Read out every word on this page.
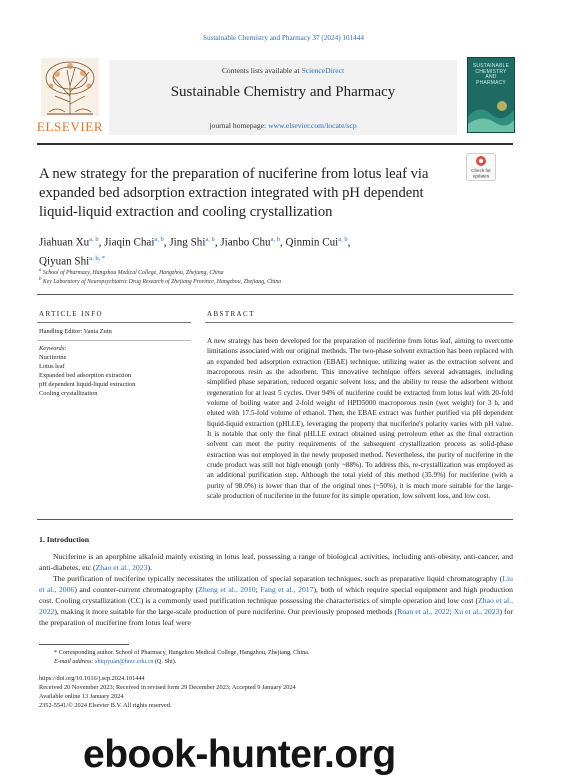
Sustainable Chemistry and Pharmacy 37 (2024) 101444
ELSEVIER
Contents lists available at ScienceDirect
Sustainable Chemistry and Pharmacy
journal homepage: www.elsevier.com/locate/scp
SUSTAINABLE CHEMISTRY AND PHARMACY
A new strategy for the preparation of nuciferine from lotus leaf via expanded bed adsorption extraction integrated with pH dependent liquid-liquid extraction and cooling crystallization
Check for
updates
Jiahuan Xu$^{a, b}$, Jiaqin Chai$^{a, b}$, Jing Shi$^{a, b}$, Jianbo Chu$^{a, b}$, Qinmin Cui$^{a, b}$,
Qiyuan Shi$^{a, b, *}$
$^a$ School of Pharmacy, Hangzhou Medical College, Hangzhou, Zhejiang, China
$^b$ Key Laboratory of Neuropsychiatric Drug Research of Zhejiang Province, Hangzhou, Zhejiang, China
ARTICLE INFO
Handling Editor: Vania Zuin
Keywords:
Nuciferine
Lotus leaf
Expanded bed adsorption extraction
pH dependent liquid-liquid extraction
Cooling crystallization
ABSTRACT
A new strategy has been developed for the preparation of nuciferine from lotus leaf, aiming to overcome limitations associated with our original methods. The two-phase solvent extraction has been replaced with an expanded bed adsorption extraction (EBAE) technique, utilizing water as the extraction solvent and macroporous resin as the adsorbent. This innovative technique offers several advantages, including simplified phase separation, reduced organic solvent loss, and the ability to reuse the adsorbent without regeneration for at least 5 cycles. Over 94% of nuciferine could be extracted from lotus leaf with 20-fold volume of boiling water and 2-fold weight of HPD5000 macroporous resin (wet weight) for 3 h, and eluted with 17.5-fold volume of ethanol. Then, the EBAE extract was further purified via pH dependent liquid-liquid extraction (pHLLE), leveraging the property that nuciferine's polarity varies with pH value. It is notable that only the final pHLLE extract obtained using petroleum ether as the final extraction solvent can meet the purity requirements of the subsequent crystallization process as solid-phase extraction was not employed in the newly proposed method. Nevertheless, the purity of nuciferine in the crude product was still not high enough (only ~88%). To address this, re-crystallization was employed as an additional purification step. Although the total yield of this method (35.9%) for nuciferine (with a purity of 98.0%) is lower than that of the original ones (~50%), it is much more suitable for the large-scale production of nuciferine in the future for its simple operation, low solvent loss, and low cost.
1. Introduction
Nuciferine is an aporphine alkaloid mainly existing in lotus leaf, possessing a range of biological activities, including anti-obesity, anti-cancer, and anti-diabetes, etc (Zhao et al., 2023).
The purification of nuciferine typically necessitates the utilization of special separation techniques, such as preparative liquid chromatography (Liu et al., 2006) and counter-current chromatography (Zheng et al., 2010; Fang et al., 2017), both of which require special equipment and high production cost. Cooling crystallization (CC) is a commonly used purification technique possessing the characteristics of simple operation and low cost (Zhao et al., 2022), making it more suitable for the large-scale production of pure nuciferine. Our previously proposed methods (Ruan et al., 2022; Xu et al., 2023) for the preparation of nuciferine from lotus leaf were
* Corresponding author. School of Pharmacy, Hangzhou Medical College, Hangzhou, Zhejiang, China.
E-mail address: shiqiyuan@hmc.edu.cn (Q. Shi).
https://doi.org/10.1016/j.scp.2024.101444
Received 20 November 2023; Received in revised form 29 December 2023; Accepted 9 January 2024
Available online 13 January 2024
2352-5541/© 2024 Elsevier B.V. All rights reserved.
ebook-hunter.org
